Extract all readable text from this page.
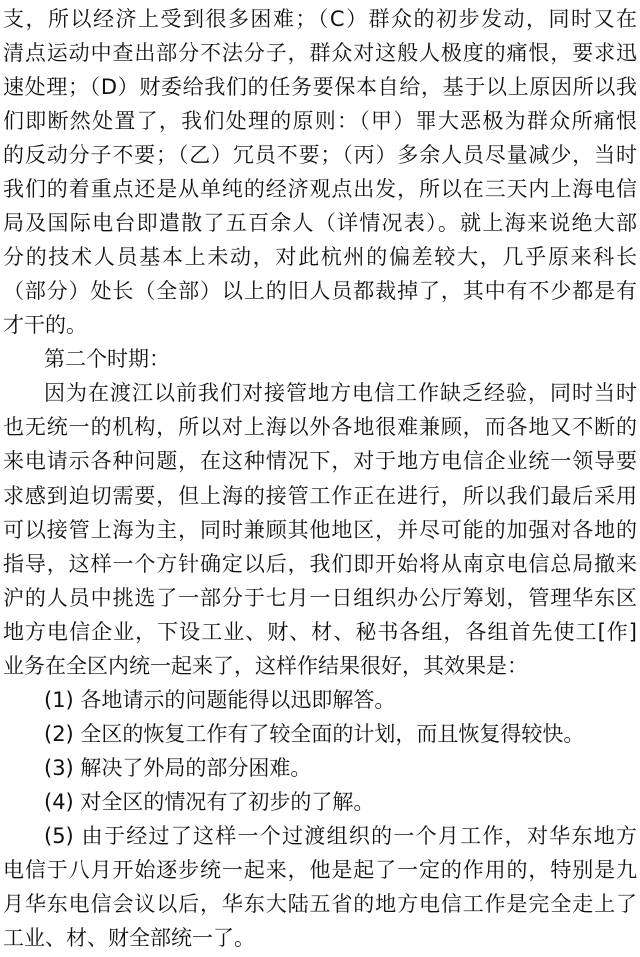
支，所以经济上受到很多困难；（C）群众的初步发动，同时又在
清点运动中查出部分不法分子，群众对这般人极度的痛恨，要求迅
速处理；（D）财委给我们的任务要保本自给，基于以上原因所以我
们即断然处置了，我们处理的原则：（甲）罪大恶极为群众所痛恨
的反动分子不要；（乙）冗员不要；（丙）多余人员尽量减少，当时
我们的着重点还是从单纯的经济观点出发，所以在三天内上海电信
局及国际电台即遣散了五百余人（详情况表）。就上海来说绝大部
分的技术人员基本上未动，对此杭州的偏差较大，几乎原来科长
（部分）处长（全部）以上的旧人员都裁掉了，其中有不少都是有
才干的。
第二个时期：
因为在渡江以前我们对接管地方电信工作缺乏经验，同时当时
也无统一的机构，所以对上海以外各地很难兼顾，而各地又不断的
来电请示各种问题，在这种情况下，对于地方电信企业统一领导要
求感到迫切需要，但上海的接管工作正在进行，所以我们最后采用
可以接管上海为主，同时兼顾其他地区，并尽可能的加强对各地的
指导，这样一个方针确定以后，我们即开始将从南京电信总局撤来
沪的人员中挑选了一部分于七月一日组织办公厅筹划，管理华东区
地方电信企业，下设工业、财、材、秘书各组，各组首先使工[作]
业务在全区内统一起来了，这样作结果很好，其效果是：
(1) 各地请示的问题能得以迅即解答。
(2) 全区的恢复工作有了较全面的计划，而且恢复得较快。
(3) 解决了外局的部分困难。
(4) 对全区的情况有了初步的了解。
(5) 由于经过了这样一个过渡组织的一个月工作，对华东地方
电信于八月开始逐步统一起来，他是起了一定的作用的，特别是九
月华东电信会议以后，华东大陆五省的地方电信工作是完全走上了
工业、材、财全部统一了。
